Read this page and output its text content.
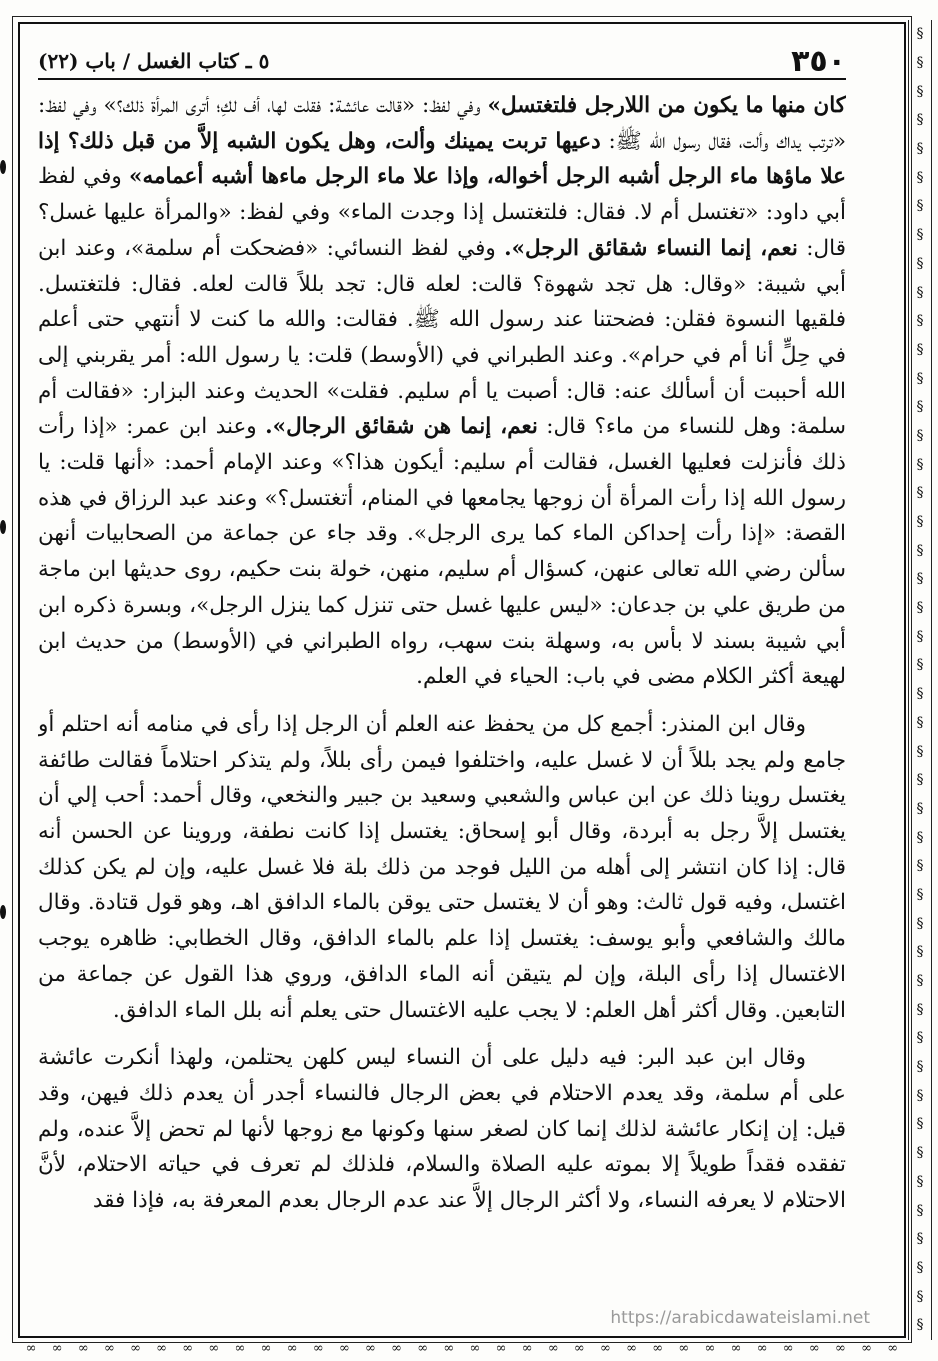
§
§
§
§
§
§
§
§
§
§
§
§
§
§
§
§
§
§
§
§
§
§
§
§
§
§
§
§
§
§
§
§
§
§
§
§
§
§
§
§
§
§
§
§
§
§
∞ ∞ ∞ ∞ ∞ ∞ ∞ ∞ ∞ ∞ ∞ ∞ ∞ ∞ ∞ ∞ ∞ ∞ ∞ ∞ ∞ ∞ ∞ ∞ ∞ ∞ ∞ ∞ ∞ ∞ ∞ ∞ ∞ ∞
٣٥٠
٥ ـ كتاب الغسل / باب (٢٢)

كان منها ما يكون من اللارجل فلتغتسل» وفي لفظ: «قالت عائشة: فقلت لها، أف لكِ؛ أترى المرأة ذلك؟» وفي لفظ: «ترتب يداك وألت، فقال رسول الله ﷺ: دعيها تربت يمينك وألت، وهل يكون الشبه إلاَّ من قبل ذلك؟ إذا علا ماؤها ماء الرجل أشبه الرجل أخواله، وإذا علا ماء الرجل ماءها أشبه أعمامه» وفي لفظ أبي داود: «تغتسل أم لا. فقال: فلتغتسل إذا وجدت الماء» وفي لفظ: «والمرأة عليها غسل؟ قال: نعم، إنما النساء شقائق الرجل». وفي لفظ النسائي: «فضحكت أم سلمة»، وعند ابن أبي شيبة: «وقال: هل تجد شهوة؟ قالت: لعله قال: تجد بللاً قالت لعله. فقال: فلتغتسل. فلقيها النسوة فقلن: فضحتنا عند رسول الله ﷺ. فقالت: والله ما كنت لا أنتهي حتى أعلم في حِلٍّ أنا أم في حرام». وعند الطبراني في (الأوسط) قلت: يا رسول الله: أمر يقربني إلى الله أحببت أن أسألك عنه: قال: أصبت يا أم سليم. فقلت» الحديث وعند البزار: «فقالت أم سلمة: وهل للنساء من ماء؟ قال: نعم، إنما هن شقائق الرجال». وعند ابن عمر: «إذا رأت ذلك فأنزلت فعليها الغسل، فقالت أم سليم: أيكون هذا؟» وعند الإمام أحمد: «أنها قلت: يا رسول الله إذا رأت المرأة أن زوجها يجامعها في المنام، أتغتسل؟» وعند عبد الرزاق في هذه القصة: «إذا رأت إحداكن الماء كما يرى الرجل». وقد جاء عن جماعة من الصحابيات أنهن سألن رضي الله تعالى عنهن، كسؤال أم سليم، منهن، خولة بنت حكيم، روى حديثها ابن ماجة من طريق علي بن جدعان: «ليس عليها غسل حتى تنزل كما ينزل الرجل»، وبسرة ذكره ابن أبي شيبة بسند لا بأس به، وسهلة بنت سهب، رواه الطبراني في (الأوسط) من حديث ابن لهيعة أكثر الكلام مضى في باب: الحياء في العلم.

وقال ابن المنذر: أجمع كل من يحفظ عنه العلم أن الرجل إذا رأى في منامه أنه احتلم أو جامع ولم يجد بللاً أن لا غسل عليه، واختلفوا فيمن رأى بللاً، ولم يتذكر احتلاماً فقالت طائفة يغتسل روينا ذلك عن ابن عباس والشعبي وسعيد بن جبير والنخعي، وقال أحمد: أحب إلي أن يغتسل إلاَّ رجل به أبردة، وقال أبو إسحاق: يغتسل إذا كانت نطفة، وروينا عن الحسن أنه قال: إذا كان انتشر إلى أهله من الليل فوجد من ذلك بلة فلا غسل عليه، وإن لم يكن كذلك اغتسل، وفيه قول ثالث: وهو أن لا يغتسل حتى يوقن بالماء الدافق اهـ، وهو قول قتادة. وقال مالك والشافعي وأبو يوسف: يغتسل إذا علم بالماء الدافق، وقال الخطابي: ظاهره يوجب الاغتسال إذا رأى البلة، وإن لم يتيقن أنه الماء الدافق، وروي هذا القول عن جماعة من التابعين. وقال أكثر أهل العلم: لا يجب عليه الاغتسال حتى يعلم أنه بلل الماء الدافق.

وقال ابن عبد البر: فيه دليل على أن النساء ليس كلهن يحتلمن، ولهذا أنكرت عائشة على أم سلمة، وقد يعدم الاحتلام في بعض الرجال فالنساء أجدر أن يعدم ذلك فيهن، وقد قيل: إن إنكار عائشة لذلك إنما كان لصغر سنها وكونها مع زوجها لأنها لم تحض إلاَّ عنده، ولم تفقده فقداً طويلاً إلا بموته عليه الصلاة والسلام، فلذلك لم تعرف في حياته الاحتلام، لأنَّ الاحتلام لا يعرفه النساء، ولا أكثر الرجال إلاَّ عند عدم الرجال بعدم المعرفة به، فإذا فقد

https://arabicdawateislami.net
